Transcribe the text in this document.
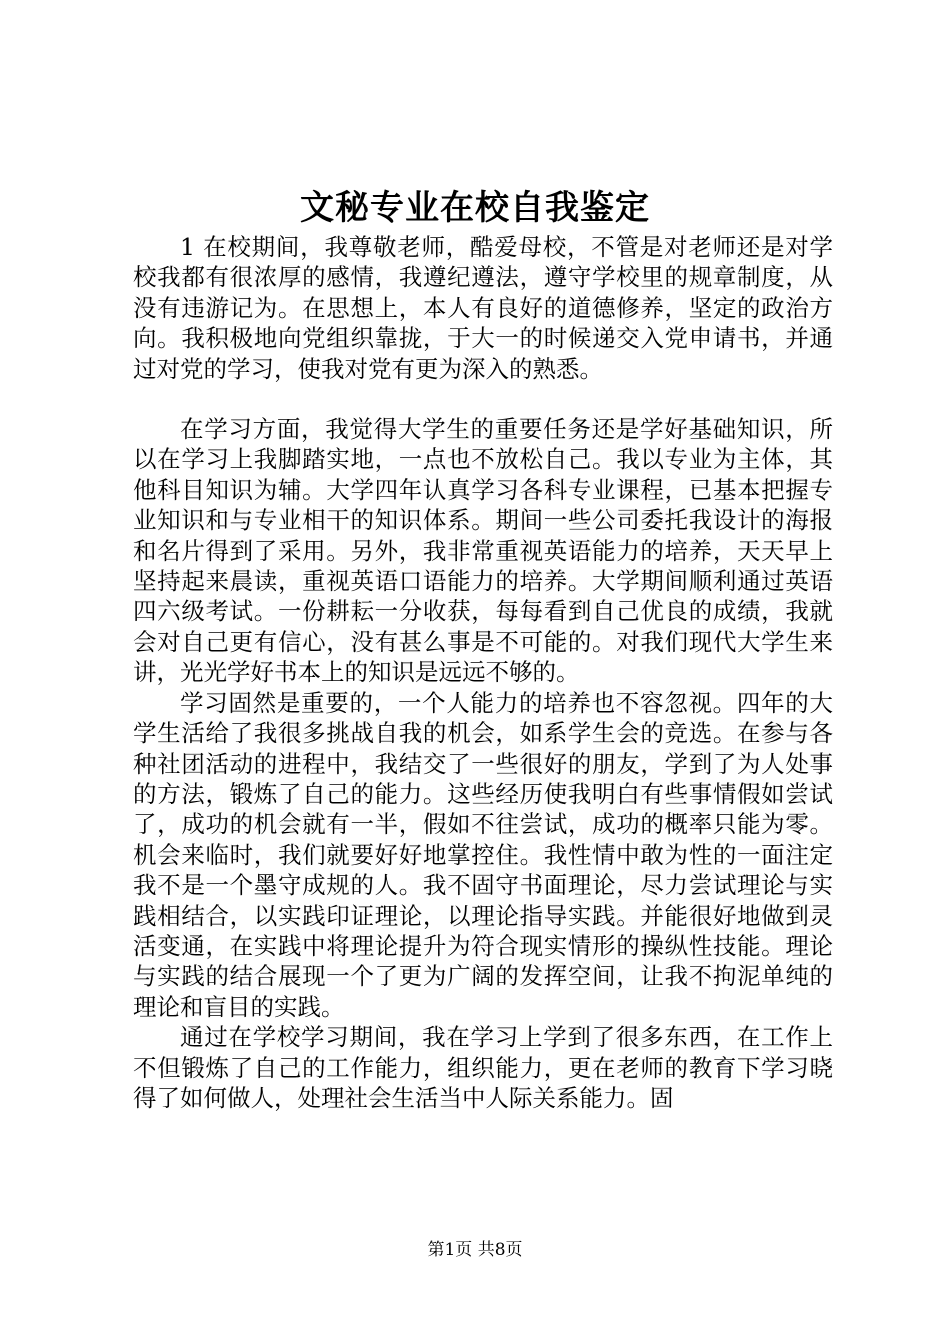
文秘专业在校自我鉴定

1 在校期间，我尊敬老师，酷爱母校，不管是对老师还是对学校我都有很浓厚的感情，我遵纪遵法，遵守学校里的规章制度，从没有违游记为。在思想上，本人有良好的道德修养，坚定的政治方向。我积极地向党组织靠拢，于大一的时候递交入党申请书，并通过对党的学习，使我对党有更为深入的熟悉。

在学习方面，我觉得大学生的重要任务还是学好基础知识，所以在学习上我脚踏实地，一点也不放松自己。我以专业为主体，其他科目知识为辅。大学四年认真学习各科专业课程，已基本把握专业知识和与专业相干的知识体系。期间一些公司委托我设计的海报和名片得到了采用。另外，我非常重视英语能力的培养，天天早上坚持起来晨读，重视英语口语能力的培养。大学期间顺利通过英语四六级考试。一份耕耘一分收获，每每看到自己优良的成绩，我就会对自己更有信心，没有甚么事是不可能的。对我们现代大学生来讲，光光学好书本上的知识是远远不够的。

学习固然是重要的，一个人能力的培养也不容忽视。四年的大学生活给了我很多挑战自我的机会，如系学生会的竞选。在参与各种社团活动的进程中，我结交了一些很好的朋友，学到了为人处事的方法，锻炼了自己的能力。这些经历使我明白有些事情假如尝试了，成功的机会就有一半，假如不往尝试，成功的概率只能为零。机会来临时，我们就要好好地掌控住。我性情中敢为性的一面注定我不是一个墨守成规的人。我不固守书面理论，尽力尝试理论与实践相结合，以实践印证理论，以理论指导实践。并能很好地做到灵活变通，在实践中将理论提升为符合现实情形的操纵性技能。理论与实践的结合展现一个了更为广阔的发挥空间，让我不拘泥单纯的理论和盲目的实践。

通过在学校学习期间，我在学习上学到了很多东西，在工作上不但锻炼了自己的工作能力，组织能力，更在老师的教育下学习晓得了如何做人，处理社会生活当中人际关系能力。固

第1页 共8页
